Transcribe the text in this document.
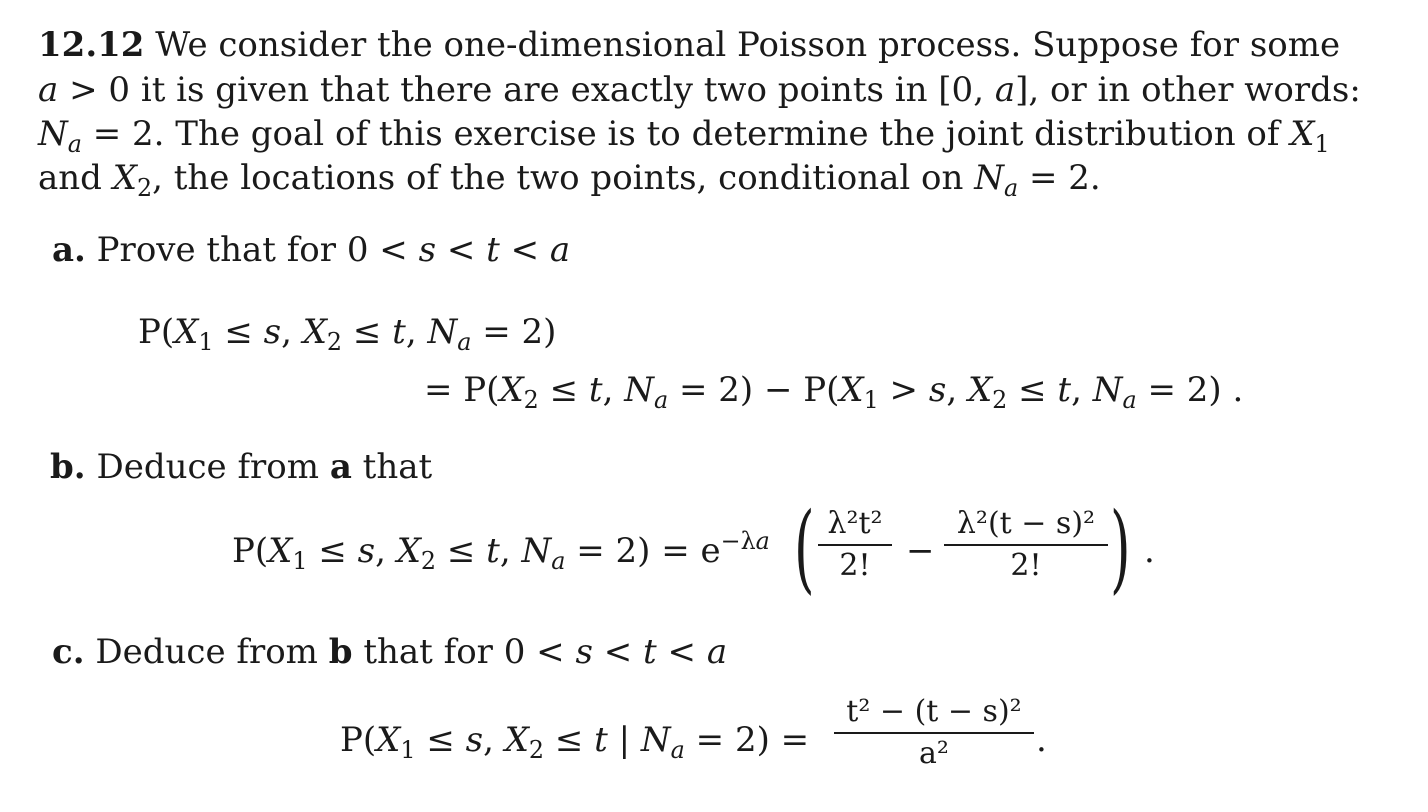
12.12 We consider the one-dimensional Poisson process. Suppose for some
a > 0 it is given that there are exactly two points in [0, a], or in other words:
$N_a = 2$. The goal of this exercise is to determine the joint distribution of $X_1$
and $X_2$, the locations of the two points, conditional on $N_a = 2$.
a. Prove that for 0 < s < t < a
$P(X_1 \le s$, $X_2 \le t$, $N_a = 2$)
= $P(X_2 \le t$, $N_a = 2) - P(X_1 > s$, $X_2 \le t$, $N_a = 2$) .
b. Deduce from a that
$P(X_1 \le s$, $X_2 \le t$, $N_a = 2) = e^{-\lambda a}$ ( λ²t²
2!	−
λ²(t − s)²
2! ) .
c. Deduce from b that for 0 < s < t < a
$P(X_1 \le s$, $X_2 \le t$ | $N_a = 2$) =
t² − (t − s)²
a²	.
